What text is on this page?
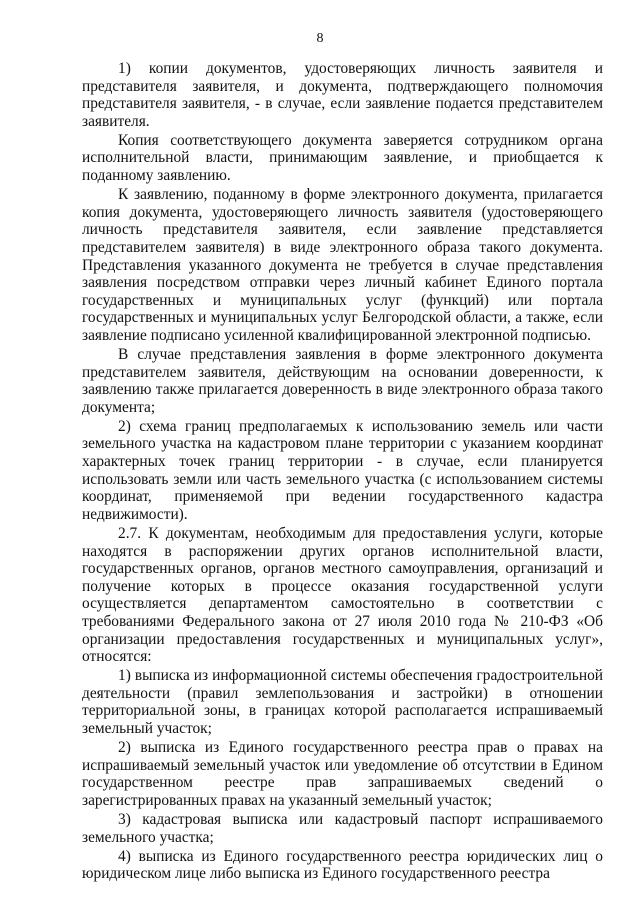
8

1) копии документов, удостоверяющих личность заявителя и представителя заявителя, и документа, подтверждающего полномочия представителя заявителя, - в случае, если заявление подается представителем заявителя.

Копия соответствующего документа заверяется сотрудником органа исполнительной власти, принимающим заявление, и приобщается к поданному заявлению.

К заявлению, поданному в форме электронного документа, прилагается копия документа, удостоверяющего личность заявителя (удостоверяющего личность представителя заявителя, если заявление представляется представителем заявителя) в виде электронного образа такого документа. Представления указанного документа не требуется в случае представления заявления посредством отправки через личный кабинет Единого портала государственных и муниципальных услуг (функций) или портала государственных и муниципальных услуг Белгородской области, а также, если заявление подписано усиленной квалифицированной электронной подписью.

В случае представления заявления в форме электронного документа представителем заявителя, действующим на основании доверенности, к заявлению также прилагается доверенность в виде электронного образа такого документа;

2) схема границ предполагаемых к использованию земель или части земельного участка на кадастровом плане территории с указанием координат характерных точек границ территории - в случае, если планируется использовать земли или часть земельного участка (с использованием системы координат, применяемой при ведении государственного кадастра недвижимости).

2.7. К документам, необходимым для предоставления услуги, которые находятся в распоряжении других органов исполнительной власти, государственных органов, органов местного самоуправления, организаций и получение которых в процессе оказания государственной услуги осуществляется департаментом самостоятельно в соответствии с требованиями Федерального закона от 27 июля 2010 года № 210-ФЗ «Об организации предоставления государственных и муниципальных услуг», относятся:

1) выписка из информационной системы обеспечения градостроительной деятельности (правил землепользования и застройки) в отношении территориальной зоны, в границах которой располагается испрашиваемый земельный участок;

2) выписка из Единого государственного реестра прав о правах на испрашиваемый земельный участок или уведомление об отсутствии в Едином государственном реестре прав запрашиваемых сведений о зарегистрированных правах на указанный земельный участок;

3) кадастровая выписка или кадастровый паспорт испрашиваемого земельного участка;

4) выписка из Единого государственного реестра юридических лиц о юридическом лице либо выписка из Единого государственного реестра
